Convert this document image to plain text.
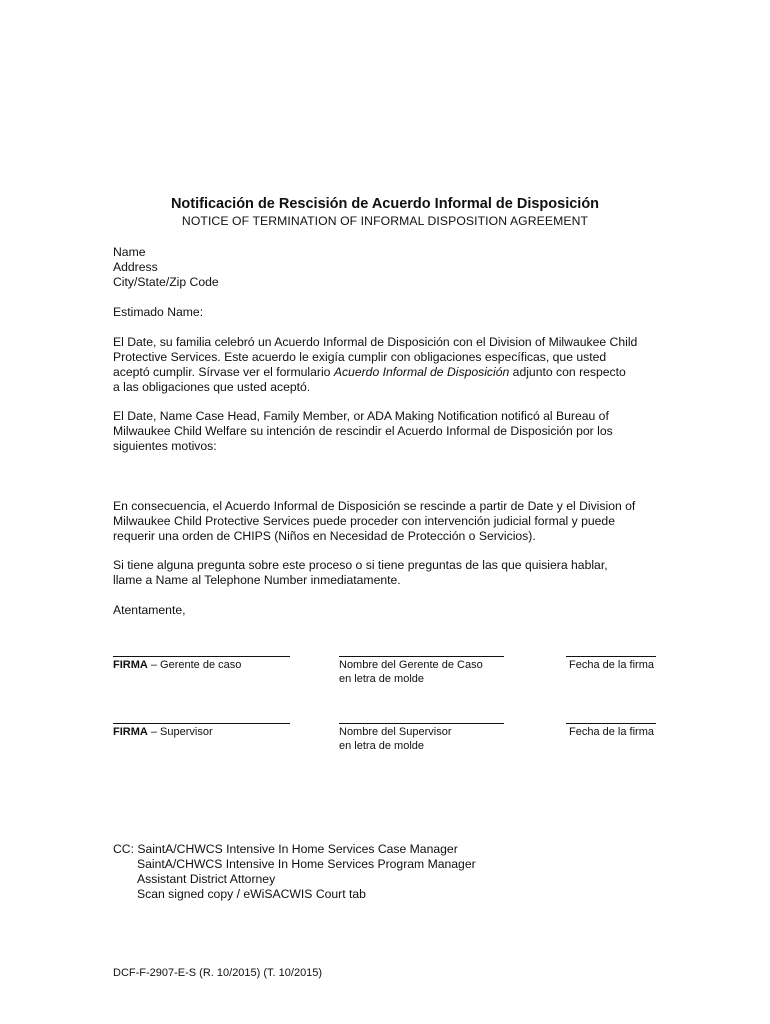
Notificación de Rescisión de Acuerdo Informal de Disposición
NOTICE OF TERMINATION OF INFORMAL DISPOSITION AGREEMENT
Name
Address
City/State/Zip Code
Estimado Name:
El Date, su familia celebró un Acuerdo Informal de Disposición con el Division of Milwaukee Child
Protective Services. Este acuerdo le exigía cumplir con obligaciones específicas, que usted
aceptó cumplir. Sírvase ver el formulario Acuerdo Informal de Disposición adjunto con respecto
a las obligaciones que usted aceptó.
El Date, Name Case Head, Family Member, or ADA Making Notification notificó al Bureau of
Milwaukee Child Welfare su intención de rescindir el Acuerdo Informal de Disposición por los
siguientes motivos:
En consecuencia, el Acuerdo Informal de Disposición se rescinde a partir de Date y el Division of
Milwaukee Child Protective Services puede proceder con intervención judicial formal y puede
requerir una orden de CHIPS (Niños en Necesidad de Protección o Servicios).
Si tiene alguna pregunta sobre este proceso o si tiene preguntas de las que quisiera hablar,
llame a Name al Telephone Number inmediatamente.
Atentamente,
FIRMA – Gerente de caso	Nombre del Gerente de Caso
en letra de molde
Fecha de la firma
FIRMA – Supervisor	Nombre del Supervisor
en letra de molde
Fecha de la firma
CC: SaintA/CHWCS Intensive In Home Services Case Manager
SaintA/CHWCS Intensive In Home Services Program Manager
Assistant District Attorney
Scan signed copy / eWiSACWIS Court tab
DCF-F-2907-E-S (R. 10/2015) (T. 10/2015)
